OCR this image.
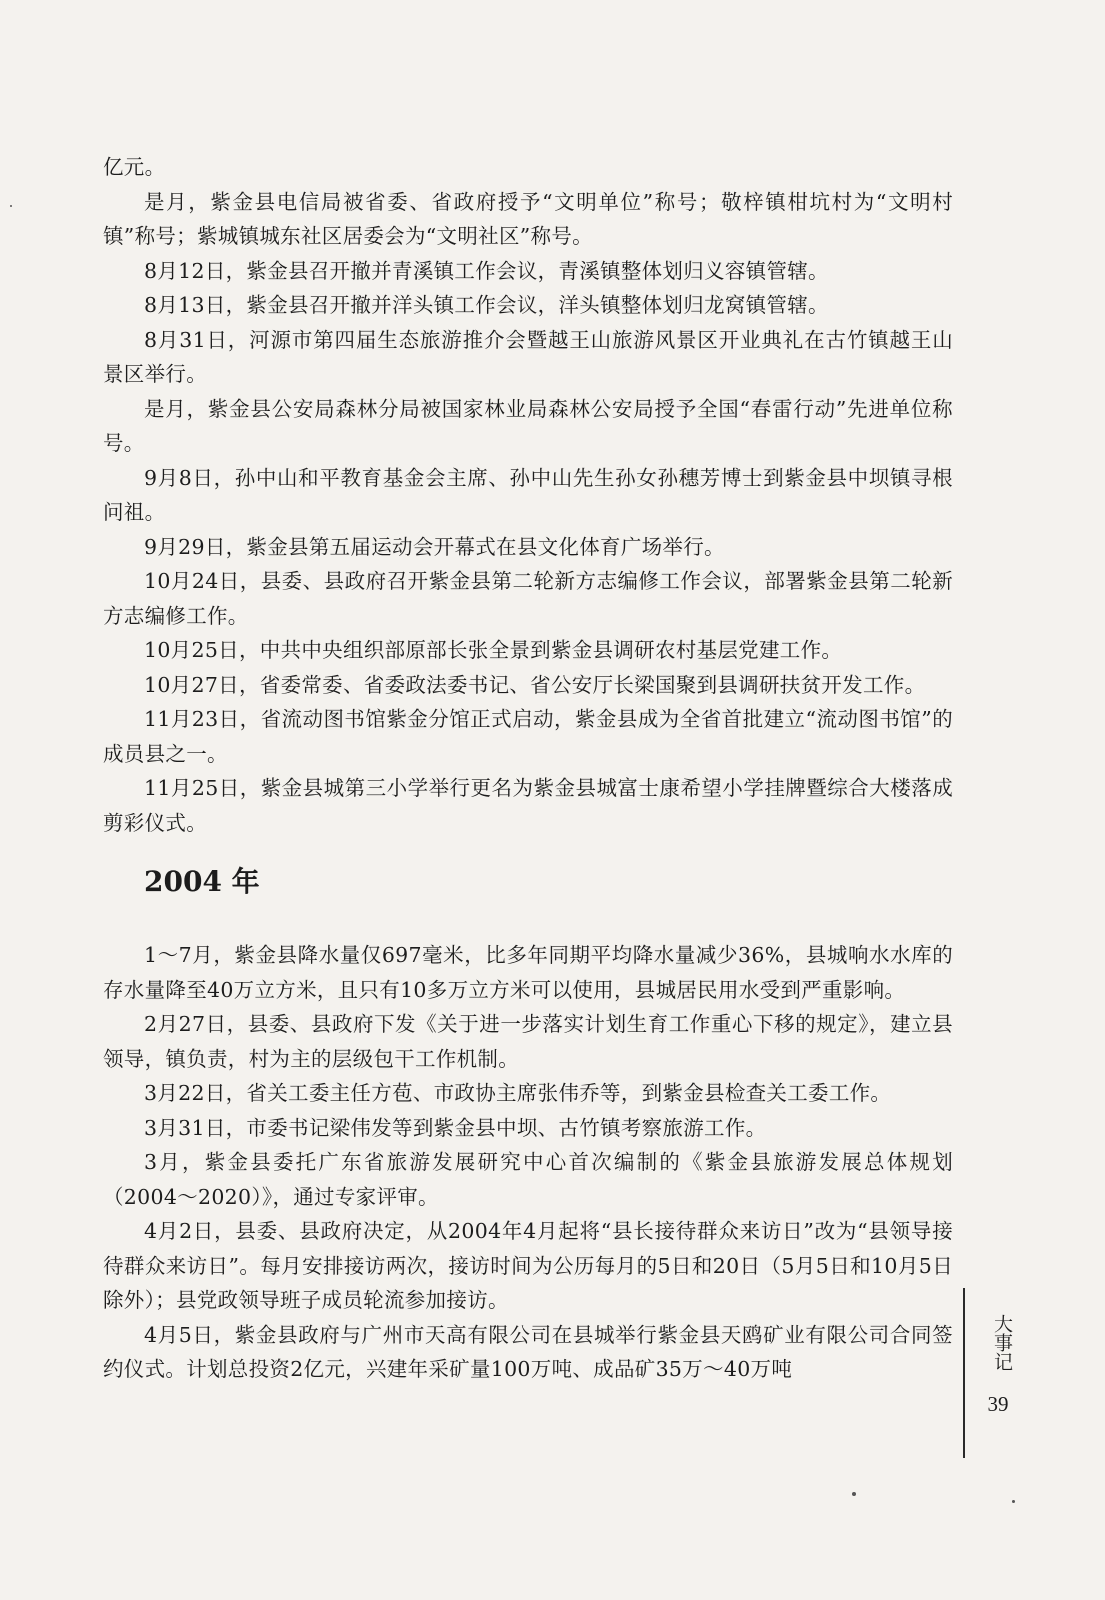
亿元。

是月，紫金县电信局被省委、省政府授予“文明单位”称号；敬梓镇柑坑村为“文明村镇”称号；紫城镇城东社区居委会为“文明社区”称号。

8月12日，紫金县召开撤并青溪镇工作会议，青溪镇整体划归义容镇管辖。

8月13日，紫金县召开撤并洋头镇工作会议，洋头镇整体划归龙窝镇管辖。

8月31日，河源市第四届生态旅游推介会暨越王山旅游风景区开业典礼在古竹镇越王山景区举行。

是月，紫金县公安局森林分局被国家林业局森林公安局授予全国“春雷行动”先进单位称号。

9月8日，孙中山和平教育基金会主席、孙中山先生孙女孙穗芳博士到紫金县中坝镇寻根问祖。

9月29日，紫金县第五届运动会开幕式在县文化体育广场举行。

10月24日，县委、县政府召开紫金县第二轮新方志编修工作会议，部署紫金县第二轮新方志编修工作。

10月25日，中共中央组织部原部长张全景到紫金县调研农村基层党建工作。

10月27日，省委常委、省委政法委书记、省公安厅长梁国聚到县调研扶贫开发工作。

11月23日，省流动图书馆紫金分馆正式启动，紫金县成为全省首批建立“流动图书馆”的成员县之一。

11月25日，紫金县城第三小学举行更名为紫金县城富士康希望小学挂牌暨综合大楼落成剪彩仪式。

2004 年

1～7月，紫金县降水量仅697毫米，比多年同期平均降水量减少36%，县城响水水库的存水量降至40万立方米，且只有10多万立方米可以使用，县城居民用水受到严重影响。

2月27日，县委、县政府下发《关于进一步落实计划生育工作重心下移的规定》，建立县领导，镇负责，村为主的层级包干工作机制。

3月22日，省关工委主任方苞、市政协主席张伟乔等，到紫金县检查关工委工作。

3月31日，市委书记梁伟发等到紫金县中坝、古竹镇考察旅游工作。

3月，紫金县委托广东省旅游发展研究中心首次编制的《紫金县旅游发展总体规划（2004～2020）》，通过专家评审。

4月2日，县委、县政府决定，从2004年4月起将“县长接待群众来访日”改为“县领导接待群众来访日”。每月安排接访两次，接访时间为公历每月的5日和20日（5月5日和10月5日除外）；县党政领导班子成员轮流参加接访。

4月5日，紫金县政府与广州市天高有限公司在县城举行紫金县天鸥矿业有限公司合同签约仪式。计划总投资2亿元，兴建年采矿量100万吨、成品矿35万～40万吨	大事记
39
